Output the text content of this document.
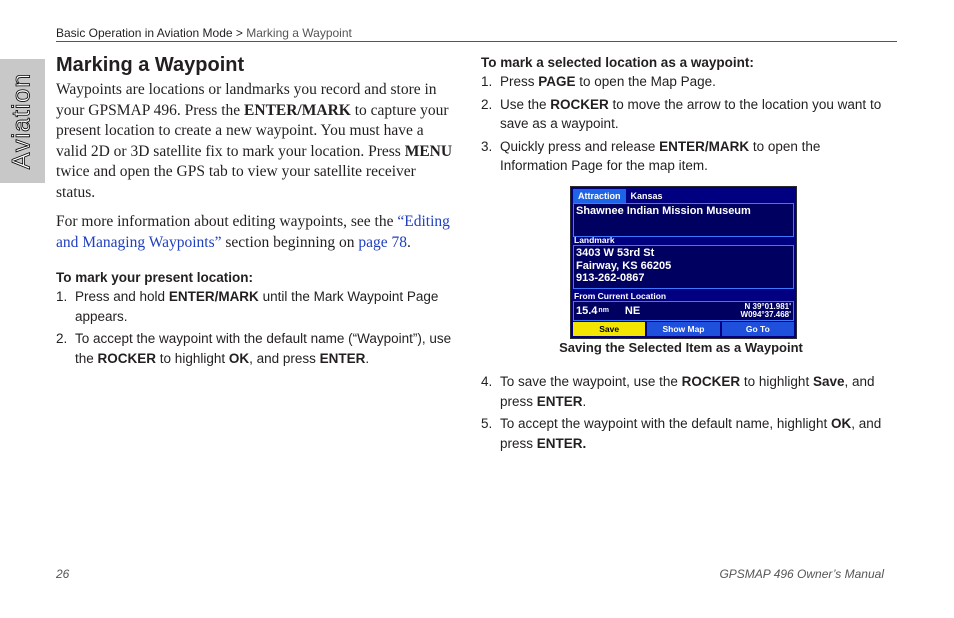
Basic Operation in Aviation Mode > Marking a Waypoint
Aviation
Marking a Waypoint

Waypoints are locations or landmarks you record and store in your GPSMAP 496. Press the ENTER/MARK to capture your present location to create a new waypoint. You must have a valid 2D or 3D satellite fix to mark your location. Press MENU twice and open the GPS tab to view your satellite receiver status.

For more information about editing waypoints, see the “Editing and Managing Waypoints” section beginning on page 78.

To mark your present location:

1. Press and hold ENTER/MARK until the Mark Waypoint Page appears.
2. To accept the waypoint with the default name (“Waypoint”), use the ROCKER to highlight OK, and press ENTER.

To mark a selected location as a waypoint:

1. Press PAGE to open the Map Page.
2. Use the ROCKER to move the arrow to the location you want to save as a waypoint.
3. Quickly press and release ENTER/MARK to open the Information Page for the map item.
4. To save the waypoint, use the ROCKER to highlight Save, and press ENTER.
5. To accept the waypoint with the default name, highlight OK, and press ENTER.
Attraction	Kansas
Shawnee Indian Mission Museum
Landmark
3403 W 53rd St
Fairway, KS 66205
913-262-0867
From Current Location
15.4 nm NE	N 39°01.981'
W094°37.468'
Save	Show Map	Go To
Saving the Selected Item as a Waypoint
26	GPSMAP 496 Owner’s Manual
